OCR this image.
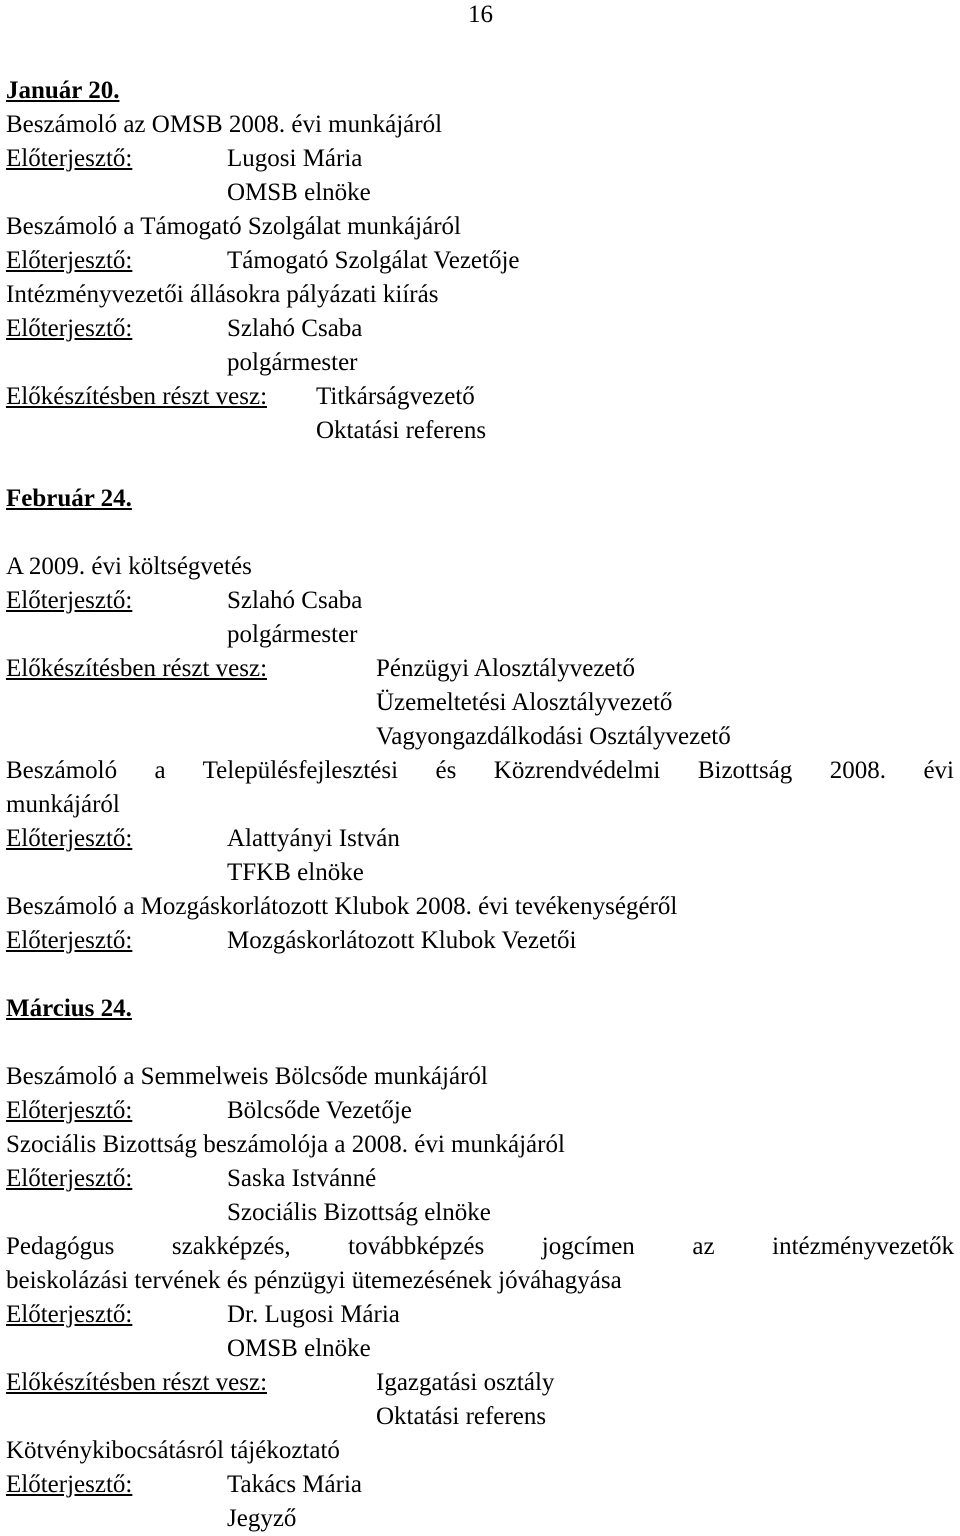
16
Január 20.
Beszámoló az OMSB 2008. évi munkájáról
Előterjesztő:	Lugosi Mária
OMSB elnöke
Beszámoló a Támogató Szolgálat munkájáról
Előterjesztő:	Támogató Szolgálat Vezetője
Intézményvezetői állásokra pályázati kiírás
Előterjesztő:	Szlahó Csaba
polgármester
Előkészítésben részt vesz: Titkárságvezető
Oktatási referens
Február 24.
A 2009. évi költségvetés
Előterjesztő:	Szlahó Csaba
polgármester
Előkészítésben részt vesz:	Pénzügyi Alosztályvezető
Üzemeltetési Alosztályvezető
Vagyongazdálkodási Osztályvezető
Beszámoló a Településfejlesztési és Közrendvédelmi Bizottság 2008. évi
munkájáról
Előterjesztő:	Alattyányi István
TFKB elnöke
Beszámoló a Mozgáskorlátozott Klubok 2008. évi tevékenységéről
Előterjesztő:	Mozgáskorlátozott Klubok Vezetői
Március 24.
Beszámoló a Semmelweis Bölcsőde munkájáról
Előterjesztő:	Bölcsőde Vezetője
Szociális Bizottság beszámolója a 2008. évi munkájáról
Előterjesztő:	Saska Istvánné
Szociális Bizottság elnöke
Pedagógus szakképzés, továbbképzés jogcímen az intézményvezetők
beiskolázási tervének és pénzügyi ütemezésének jóváhagyása
Előterjesztő:	Dr. Lugosi Mária
OMSB elnöke
Előkészítésben részt vesz:	Igazgatási osztály
Oktatási referens
Kötvénykibocsátásról tájékoztató
Előterjesztő:	Takács Mária
Jegyző
